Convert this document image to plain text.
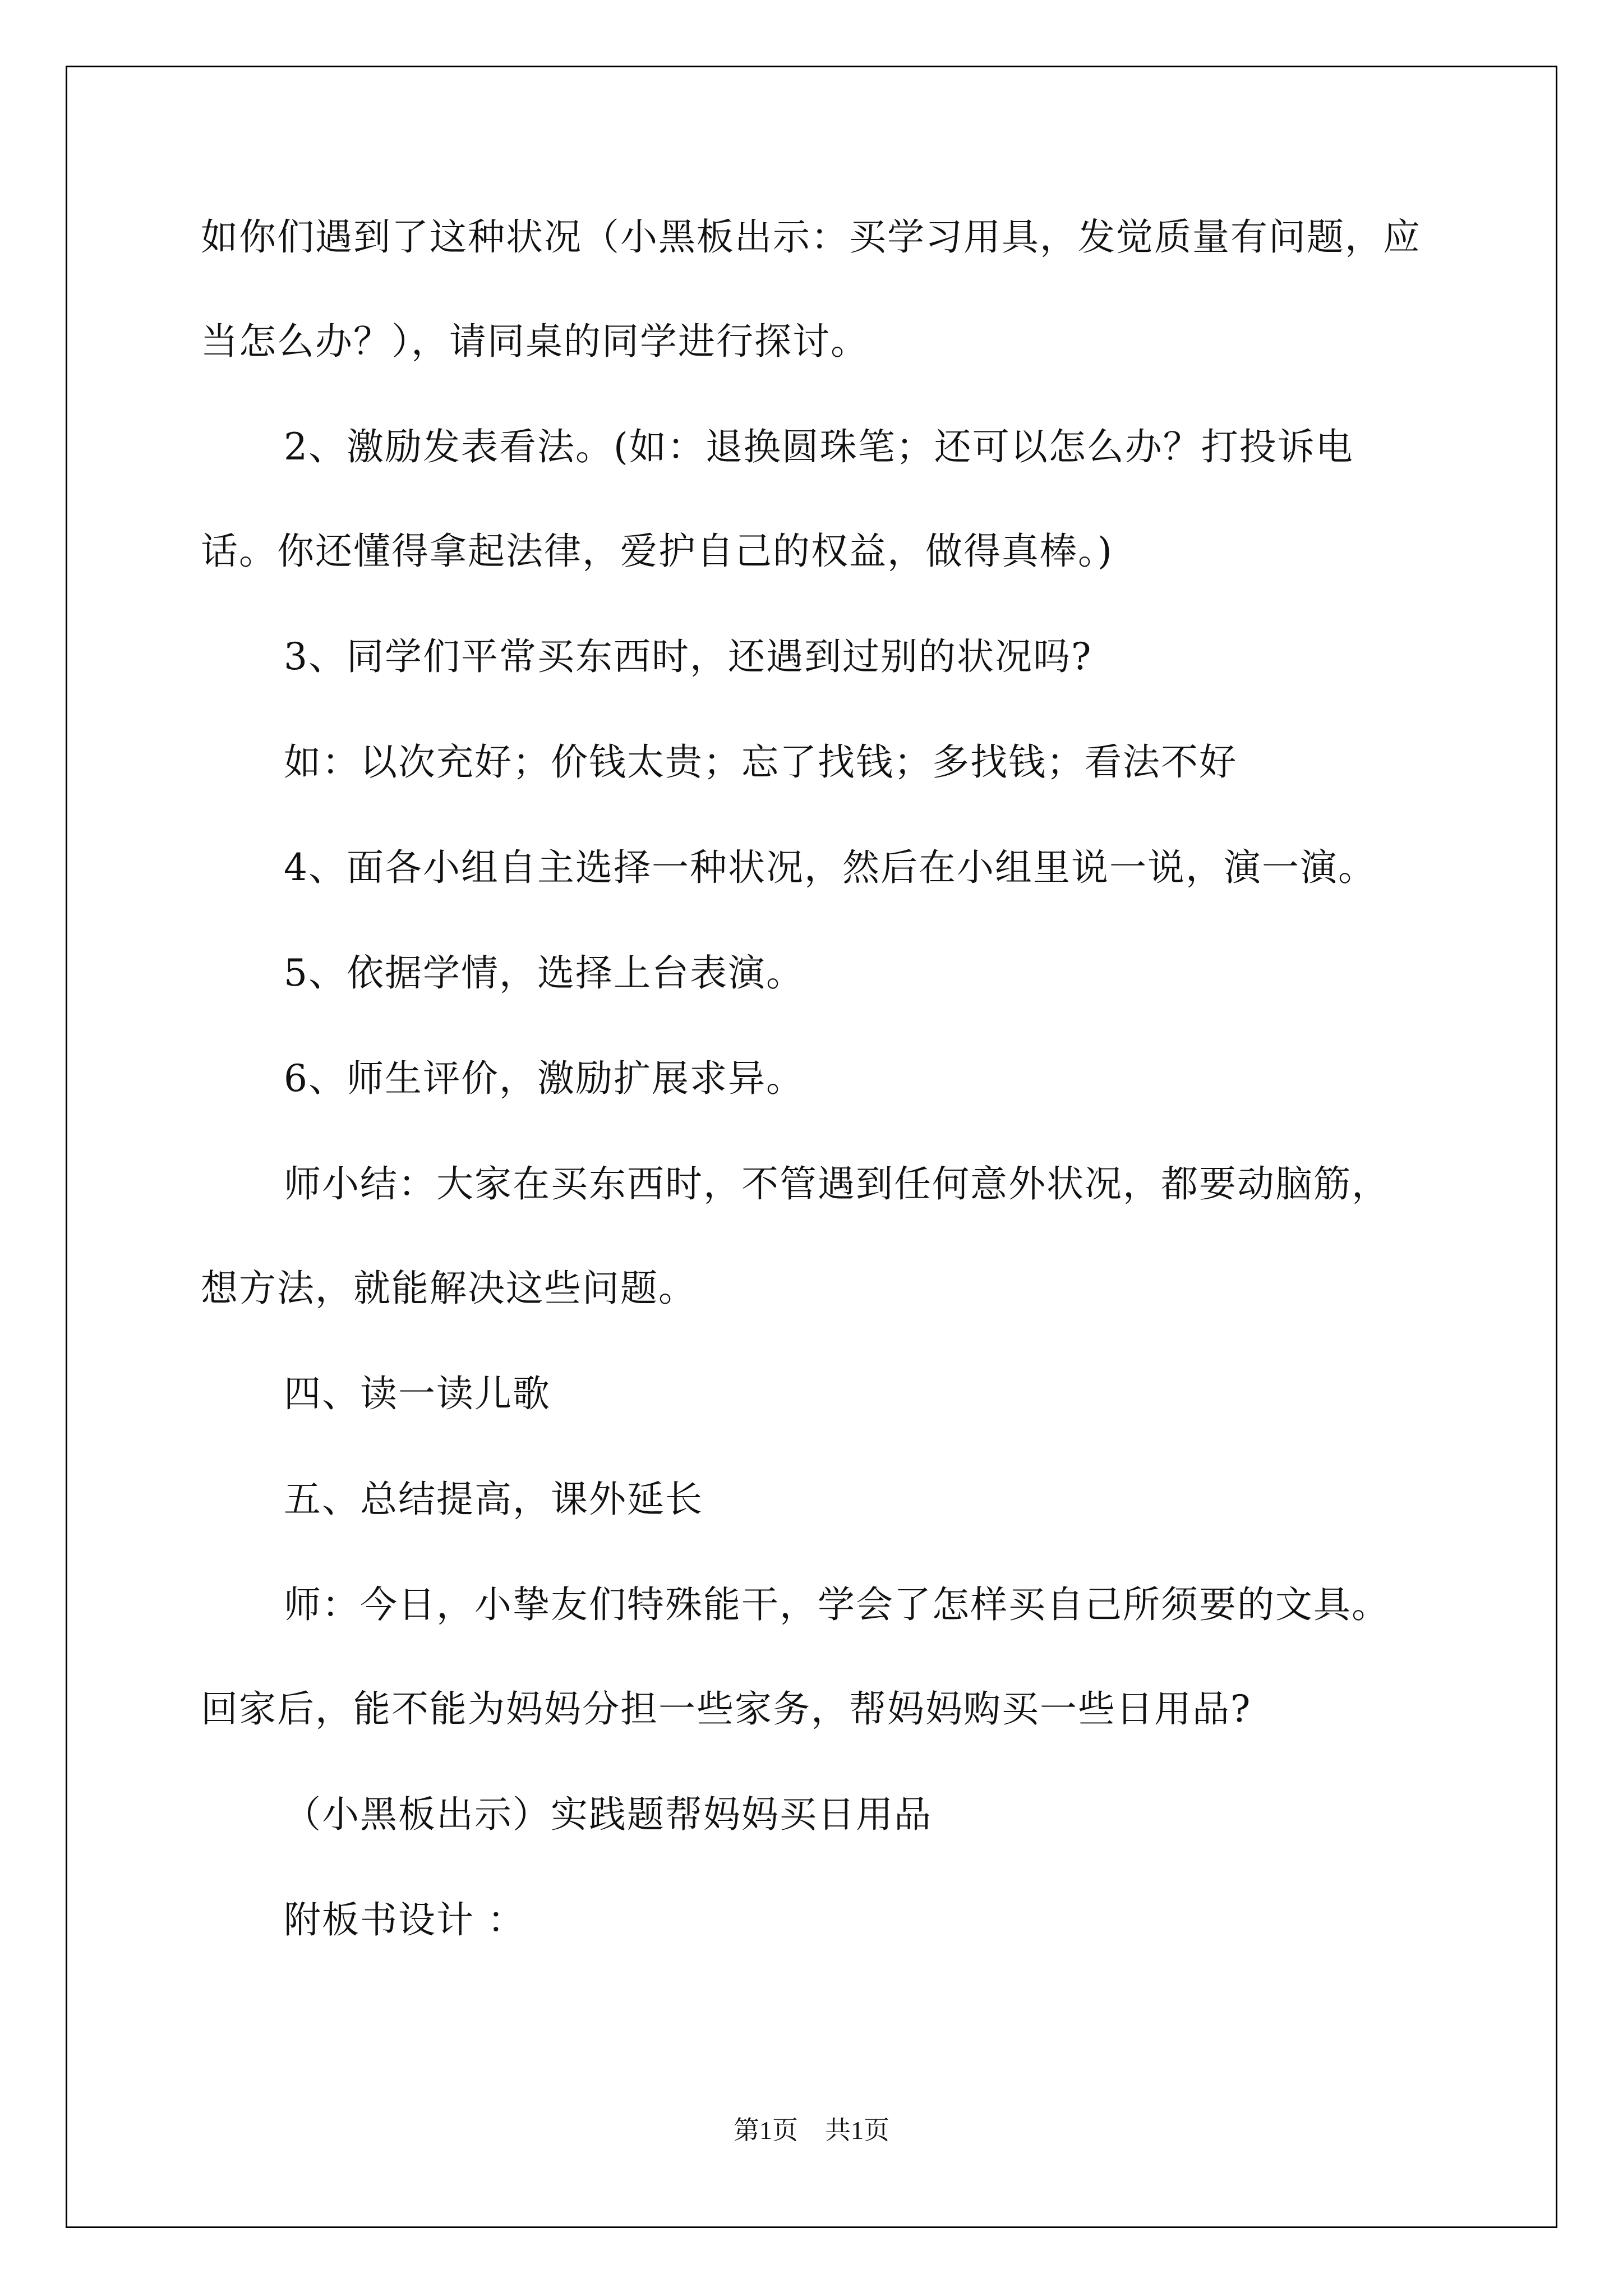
如你们遇到了这种状况（小黑板出示：买学习用具，发觉质量有问题，应当怎么办？），请同桌的同学进行探讨。

2、激励发表看法。(如：退换圆珠笔；还可以怎么办？打投诉电话。你还懂得拿起法律，爱护自己的权益，做得真棒。)

3、同学们平常买东西时，还遇到过别的状况吗?

如：以次充好；价钱太贵；忘了找钱；多找钱；看法不好

4、面各小组自主选择一种状况，然后在小组里说一说，演一演。

5、依据学情，选择上台表演。

6、师生评价，激励扩展求异。

师小结：大家在买东西时，不管遇到任何意外状况，都要动脑筋，想方法，就能解决这些问题。

四、读一读儿歌

五、总结提高，课外延长

师：今日，小挚友们特殊能干，学会了怎样买自己所须要的文具。回家后，能不能为妈妈分担一些家务，帮妈妈购买一些日用品?

（小黑板出示）实践题帮妈妈买日用品

附板书设计 ：

第1页 共1页
